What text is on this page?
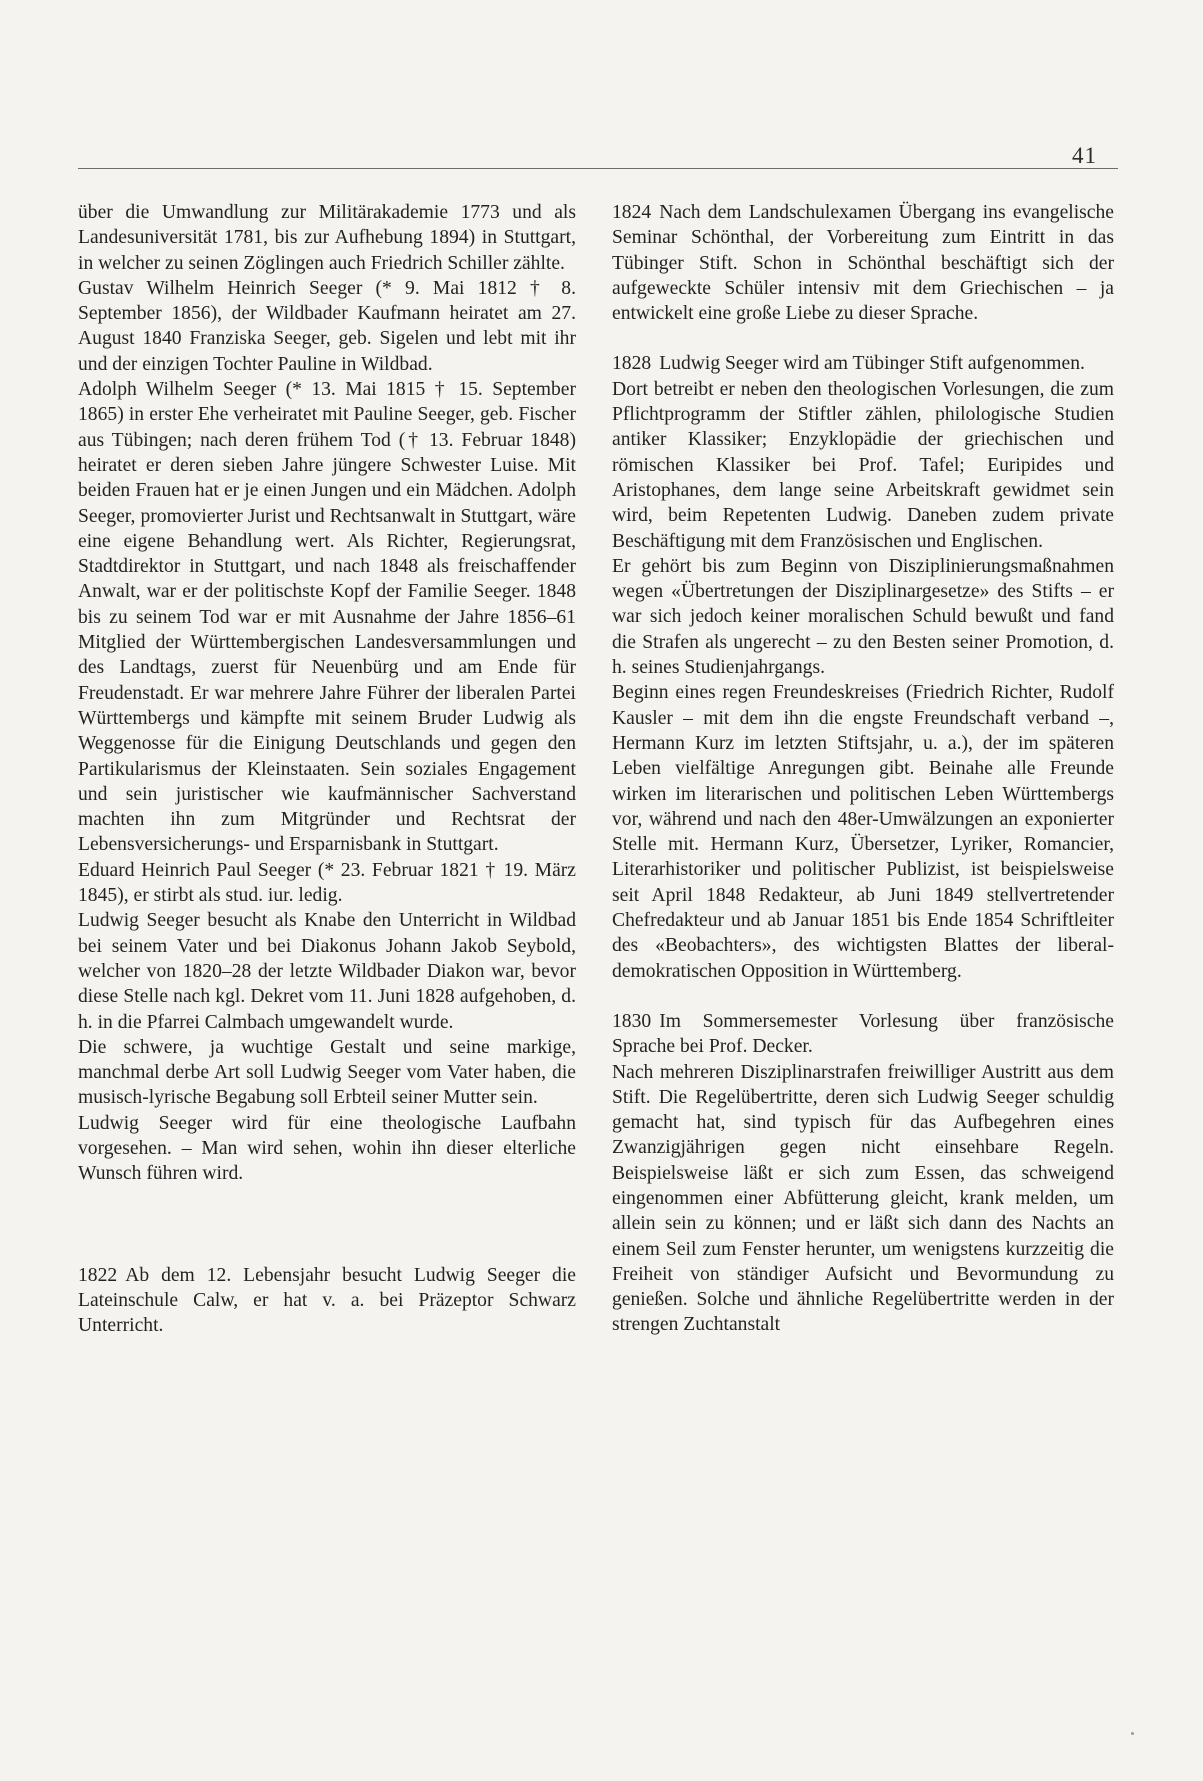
41

über die Umwandlung zur Militärakademie 1773 und als Landesuniversität 1781, bis zur Aufhebung 1894) in Stuttgart, in welcher zu seinen Zöglingen auch Friedrich Schiller zählte.

Gustav Wilhelm Heinrich Seeger (* 9. Mai 1812 † 8. September 1856), der Wildbader Kaufmann heiratet am 27. August 1840 Franziska Seeger, geb. Sigelen und lebt mit ihr und der einzigen Tochter Pauline in Wildbad.

Adolph Wilhelm Seeger (* 13. Mai 1815 † 15. September 1865) in erster Ehe verheiratet mit Pauline Seeger, geb. Fischer aus Tübingen; nach deren frühem Tod († 13. Februar 1848) heiratet er deren sieben Jahre jüngere Schwester Luise. Mit beiden Frauen hat er je einen Jungen und ein Mädchen. Adolph Seeger, promovierter Jurist und Rechtsanwalt in Stuttgart, wäre eine eigene Behandlung wert. Als Richter, Regierungsrat, Stadtdirektor in Stuttgart, und nach 1848 als freischaffender Anwalt, war er der politischste Kopf der Familie Seeger. 1848 bis zu seinem Tod war er mit Ausnahme der Jahre 1856–61 Mitglied der Württembergischen Landesversammlungen und des Landtags, zuerst für Neuenbürg und am Ende für Freudenstadt. Er war mehrere Jahre Führer der liberalen Partei Württembergs und kämpfte mit seinem Bruder Ludwig als Weggenosse für die Einigung Deutschlands und gegen den Partikularismus der Kleinstaaten. Sein soziales Engagement und sein juristischer wie kaufmännischer Sachverstand machten ihn zum Mitgründer und Rechtsrat der Lebensversicherungs- und Ersparnisbank in Stuttgart.

Eduard Heinrich Paul Seeger (* 23. Februar 1821 † 19. März 1845), er stirbt als stud. iur. ledig.

Ludwig Seeger besucht als Knabe den Unterricht in Wildbad bei seinem Vater und bei Diakonus Johann Jakob Seybold, welcher von 1820–28 der letzte Wildbader Diakon war, bevor diese Stelle nach kgl. Dekret vom 11. Juni 1828 aufgehoben, d. h. in die Pfarrei Calmbach umgewandelt wurde.

Die schwere, ja wuchtige Gestalt und seine markige, manchmal derbe Art soll Ludwig Seeger vom Vater haben, die musisch-lyrische Begabung soll Erbteil seiner Mutter sein.

Ludwig Seeger wird für eine theologische Laufbahn vorgesehen. – Man wird sehen, wohin ihn dieser elterliche Wunsch führen wird.

1822 Ab dem 12. Lebensjahr besucht Ludwig Seeger die Lateinschule Calw, er hat v. a. bei Präzeptor Schwarz Unterricht.

1824 Nach dem Landschulexamen Übergang ins evangelische Seminar Schönthal, der Vorbereitung zum Eintritt in das Tübinger Stift. Schon in Schönthal beschäftigt sich der aufgeweckte Schüler intensiv mit dem Griechischen – ja entwickelt eine große Liebe zu dieser Sprache.

1828 Ludwig Seeger wird am Tübinger Stift aufgenommen.

Dort betreibt er neben den theologischen Vorlesungen, die zum Pflichtprogramm der Stiftler zählen, philologische Studien antiker Klassiker; Enzyklopädie der griechischen und römischen Klassiker bei Prof. Tafel; Euripides und Aristophanes, dem lange seine Arbeitskraft gewidmet sein wird, beim Repetenten Ludwig. Daneben zudem private Beschäftigung mit dem Französischen und Englischen.

Er gehört bis zum Beginn von Disziplinierungsmaßnahmen wegen «Übertretungen der Disziplinargesetze» des Stifts – er war sich jedoch keiner moralischen Schuld bewußt und fand die Strafen als ungerecht – zu den Besten seiner Promotion, d. h. seines Studienjahrgangs.

Beginn eines regen Freundeskreises (Friedrich Richter, Rudolf Kausler – mit dem ihn die engste Freundschaft verband –, Hermann Kurz im letzten Stiftsjahr, u. a.), der im späteren Leben vielfältige Anregungen gibt. Beinahe alle Freunde wirken im literarischen und politischen Leben Württembergs vor, während und nach den 48er-Umwälzungen an exponierter Stelle mit. Hermann Kurz, Übersetzer, Lyriker, Romancier, Literarhistoriker und politischer Publizist, ist beispielsweise seit April 1848 Redakteur, ab Juni 1849 stellvertretender Chefredakteur und ab Januar 1851 bis Ende 1854 Schriftleiter des «Beobachters», des wichtigsten Blattes der liberal-demokratischen Opposition in Württemberg.

1830 Im Sommersemester Vorlesung über französische Sprache bei Prof. Decker.

Nach mehreren Disziplinarstrafen freiwilliger Austritt aus dem Stift. Die Regelübertritte, deren sich Ludwig Seeger schuldig gemacht hat, sind typisch für das Aufbegehren eines Zwanzigjährigen gegen nicht einsehbare Regeln. Beispielsweise läßt er sich zum Essen, das schweigend eingenommen einer Abfütterung gleicht, krank melden, um allein sein zu können; und er läßt sich dann des Nachts an einem Seil zum Fenster herunter, um wenigstens kurzzeitig die Freiheit von ständiger Aufsicht und Bevormundung zu genießen. Solche und ähnliche Regelübertritte werden in der strengen Zuchtanstalt
